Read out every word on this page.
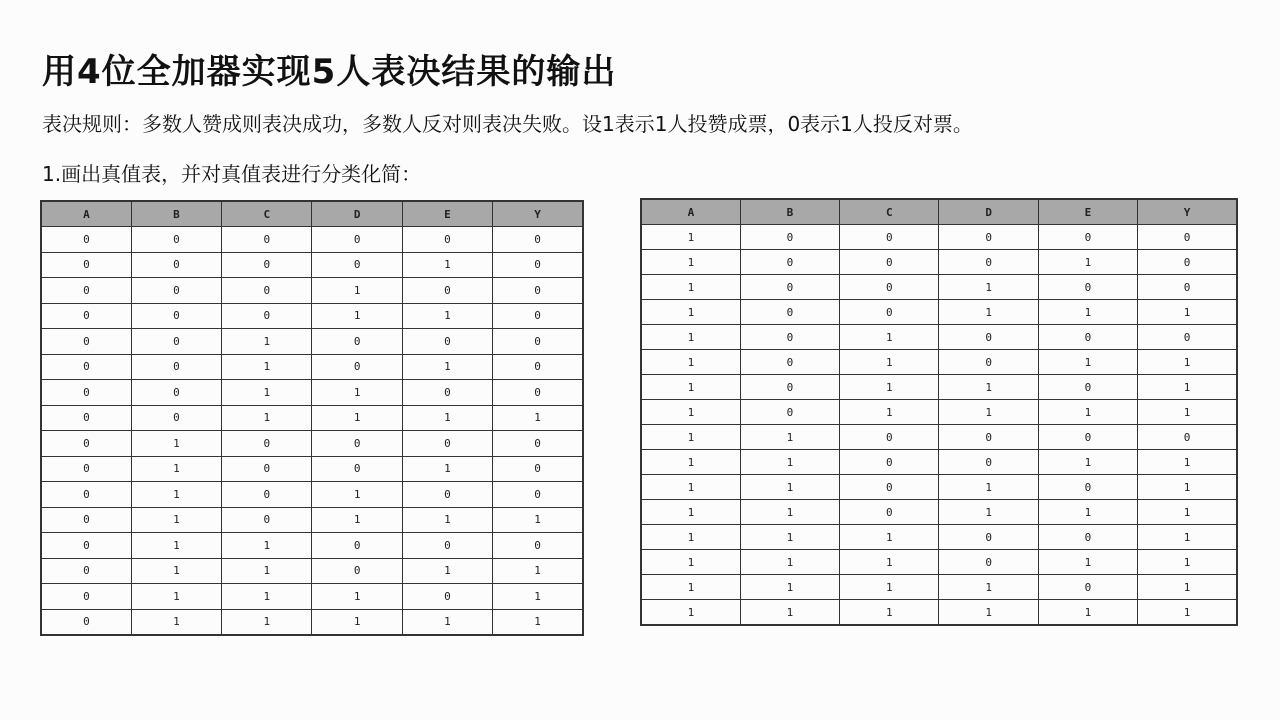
用4位全加器实现5人表决结果的输出
表决规则：多数人赞成则表决成功，多数人反对则表决失败。设1表示1人投赞成票，0表示1人投反对票。
1.画出真值表，并对真值表进行分类化简：
A	B	C	D	E	Y
0	0	0	0	0	0
0	0	0	0	1	0
0	0	0	1	0	0
0	0	0	1	1	0
0	0	1	0	0	0
0	0	1	0	1	0
0	0	1	1	0	0
0	0	1	1	1	1
0	1	0	0	0	0
0	1	0	0	1	0
0	1	0	1	0	0
0	1	0	1	1	1
0	1	1	0	0	0
0	1	1	0	1	1
0	1	1	1	0	1
0	1	1	1	1	1
A	B	C	D	E	Y
1	0	0	0	0	0
1	0	0	0	1	0
1	0	0	1	0	0
1	0	0	1	1	1
1	0	1	0	0	0
1	0	1	0	1	1
1	0	1	1	0	1
1	0	1	1	1	1
1	1	0	0	0	0
1	1	0	0	1	1
1	1	0	1	0	1
1	1	0	1	1	1
1	1	1	0	0	1
1	1	1	0	1	1
1	1	1	1	0	1
1	1	1	1	1	1
